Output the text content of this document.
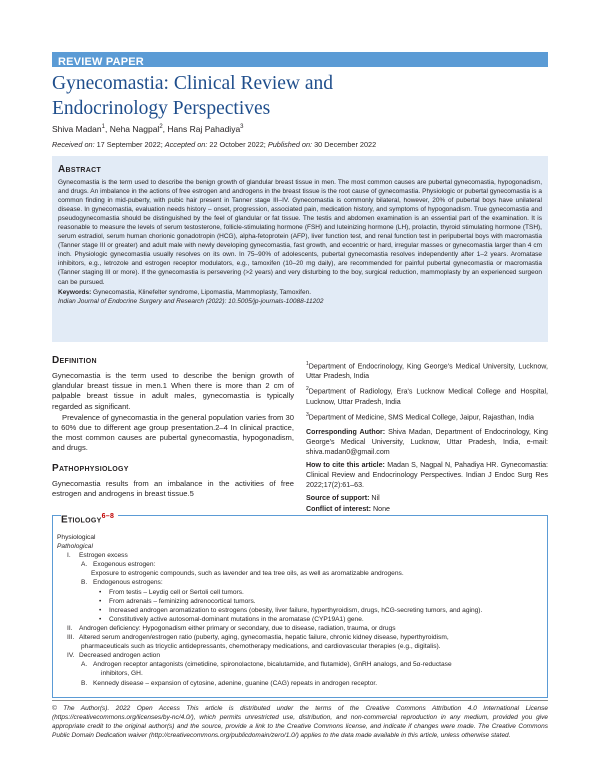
REVIEW PAPER
Gynecomastia: Clinical Review and
Endocrinology Perspectives
Shiva Madan$^1$, Neha Nagpal$^2$, Hans Raj Pahadiya$^3$
Received on: 17 September 2022; Accepted on: 22 October 2022; Published on: 30 December 2022
Abstract
Gynecomastia is the term used to describe the benign growth of glandular breast tissue in men. The most common causes are pubertal gynecomastia, hypogonadism, and drugs. An imbalance in the actions of free estrogen and androgens in the breast tissue is the root cause of gynecomastia. Physiologic or pubertal gynecomastia is a common finding in mid-puberty, with pubic hair present in Tanner stage III–IV. Gynecomastia is commonly bilateral, however, 20% of pubertal boys have unilateral disease. In gynecomastia, evaluation needs history – onset, progression, associated pain, medication history, and symptoms of hypogonadism. True gynecomastia and pseudogynecomastia should be distinguished by the feel of glandular or fat tissue. The testis and abdomen examination is an essential part of the examination. It is reasonable to measure the levels of serum testosterone, follicle-stimulating hormone (FSH) and luteinizing hormone (LH), prolactin, thyroid stimulating hormone (TSH), serum estradiol, serum human chorionic gonadotropin (HCG), alpha-fetoprotein (AFP), liver function test, and renal function test in peripubertal boys with macromastia (Tanner stage III or greater) and adult male with newly developing gynecomastia, fast growth, and eccentric or hard, irregular masses or gynecomastia larger than 4 cm inch. Physiologic gynecomastia usually resolves on its own. In 75–90% of adolescents, pubertal gynecomastia resolves independently after 1–2 years. Aromatase inhibitors, e.g., letrozole and estrogen receptor modulators, e.g., tamoxifen (10–20 mg daily), are recommended for painful pubertal gynecomastia or macromastia (Tanner staging III or more). If the gynecomastia is persevering (>2 years) and very disturbing to the boy, surgical reduction, mammoplasty by an experienced surgeon can be pursued.
Keywords: Gynecomastia, Klinefelter syndrome, Lipomastia, Mammoplasty, Tamoxifen.
Indian Journal of Endocrine Surgery and Research (2022): 10.5005/jp-journals-10088-11202
Definition

Gynecomastia is the term used to describe the benign growth of glandular breast tissue in men.1 When there is more than 2 cm of palpable breast tissue in adult males, gynecomastia is typically regarded as significant.

Prevalence of gynecomastia in the general population varies from 30 to 60% due to different age group presentation.2–4 In clinical practice, the most common causes are pubertal gynecomastia, hypogonadism, and drugs.

Pathophysiology

Gynecomastia results from an imbalance in the activities of free estrogen and androgens in breast tissue.5

$^1$Department of Endocrinology, King George's Medical University, Lucknow, Uttar Pradesh, India

$^2$Department of Radiology, Era's Lucknow Medical College and Hospital, Lucknow, Uttar Pradesh, India

$^3$Department of Medicine, SMS Medical College, Jaipur, Rajasthan, India

Corresponding Author: Shiva Madan, Department of Endocrinology, King George's Medical University, Lucknow, Uttar Pradesh, India, e-mail: shiva.madan0@gmail.com

How to cite this article: Madan S, Nagpal N, Pahadiya HR. Gynecomastia: Clinical Review and Endocrinology Perspectives. Indian J Endoc Surg Res 2022;17(2):61–63.

Source of support: Nil

Conflict of interest: None

Etiology$^{6-8}$
Physiological
Pathological
I. Estrogen excess
A. Exogenous estrogen:
Exposure to estrogenic compounds, such as lavender and tea tree oils, as well as aromatizable androgens.
B. Endogenous estrogens:
• From testis – Leydig cell or Sertoli cell tumors.
• From adrenals – feminizing adrenocortical tumors.
• Increased androgen aromatization to estrogens (obesity, liver failure, hyperthyroidism, drugs, hCG-secreting tumors, and aging).
• Constitutively active autosomal-dominant mutations in the aromatase (CYP19A1) gene.
II. Androgen deficiency: Hypogonadism either primary or secondary, due to disease, radiation, trauma, or drugs
III. Altered serum androgen/estrogen ratio (puberty, aging, gynecomastia, hepatic failure, chronic kidney disease, hyperthyroidism,
pharmaceuticals such as tricyclic antidepressants, chemotherapy medications, and cardiovascular therapies (e.g., digitalis).
IV. Decreased androgen action
A. Androgen receptor antagonists (cimetidine, spironolactone, bicalutamide, and flutamide), GnRH analogs, and 5α-reductase
inhibitors, GH.
B. Kennedy disease – expansion of cytosine, adenine, guanine (CAG) repeats in androgen receptor.
© The Author(s). 2022 Open Access This article is distributed under the terms of the Creative Commons Attribution 4.0 International License (https://creativecommons.org/licenses/by-nc/4.0/), which permits unrestricted use, distribution, and non-commercial reproduction in any medium, provided you give appropriate credit to the original author(s) and the source, provide a link to the Creative Commons license, and indicate if changes were made. The Creative Commons Public Domain Dedication waiver (http://creativecommons.org/publicdomain/zero/1.0/) applies to the data made available in this article, unless otherwise stated.
